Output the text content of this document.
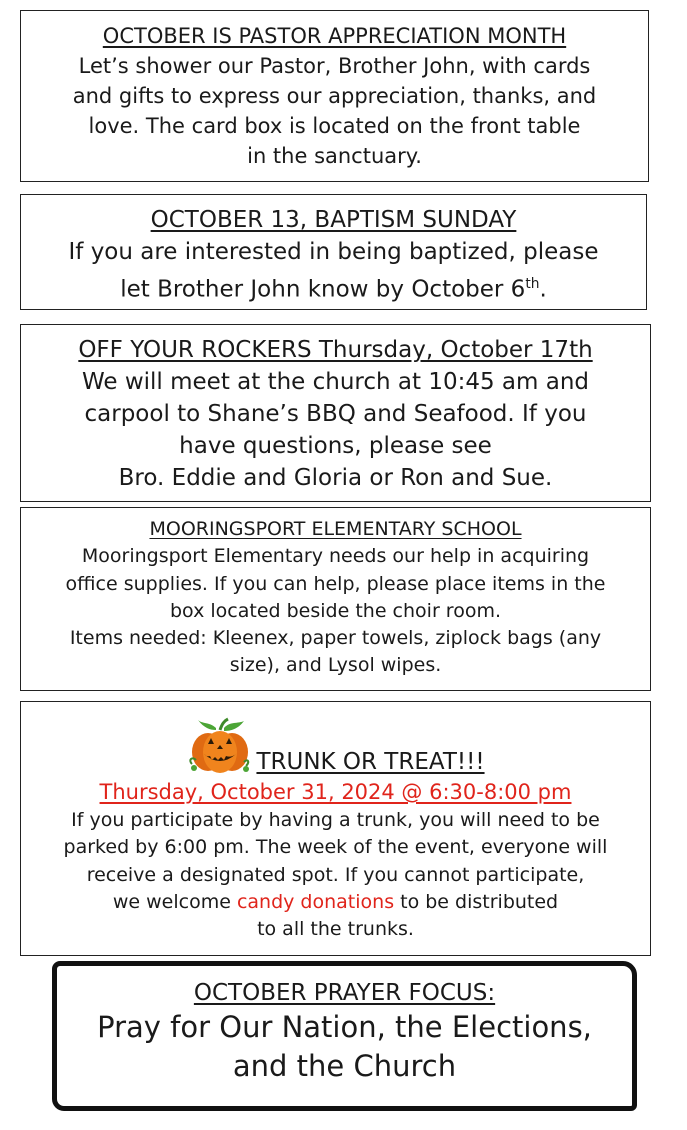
OCTOBER IS PASTOR APPRECIATION MONTH
Let’s shower our Pastor, Brother John, with cards
and gifts to express our appreciation, thanks, and
love. The card box is located on the front table
in the sanctuary.
OCTOBER 13, BAPTISM SUNDAY
If you are interested in being baptized, please
let Brother John know by October 6th.
OFF YOUR ROCKERS Thursday, October 17th
We will meet at the church at 10:45 am and
carpool to Shane’s BBQ and Seafood. If you
have questions, please see
Bro. Eddie and Gloria or Ron and Sue.
MOORINGSPORT ELEMENTARY SCHOOL
Mooringsport Elementary needs our help in acquiring
office supplies. If you can help, please place items in the
box located beside the choir room.
Items needed: Kleenex, paper towels, ziplock bags (any
size), and Lysol wipes.
TRUNK OR TREAT!!!
Thursday, October 31, 2024 @ 6:30-8:00 pm
If you participate by having a trunk, you will need to be
parked by 6:00 pm. The week of the event, everyone will
receive a designated spot. If you cannot participate,
we welcome candy donations to be distributed
to all the trunks.
OCTOBER PRAYER FOCUS:
Pray for Our Nation, the Elections,
and the Church
